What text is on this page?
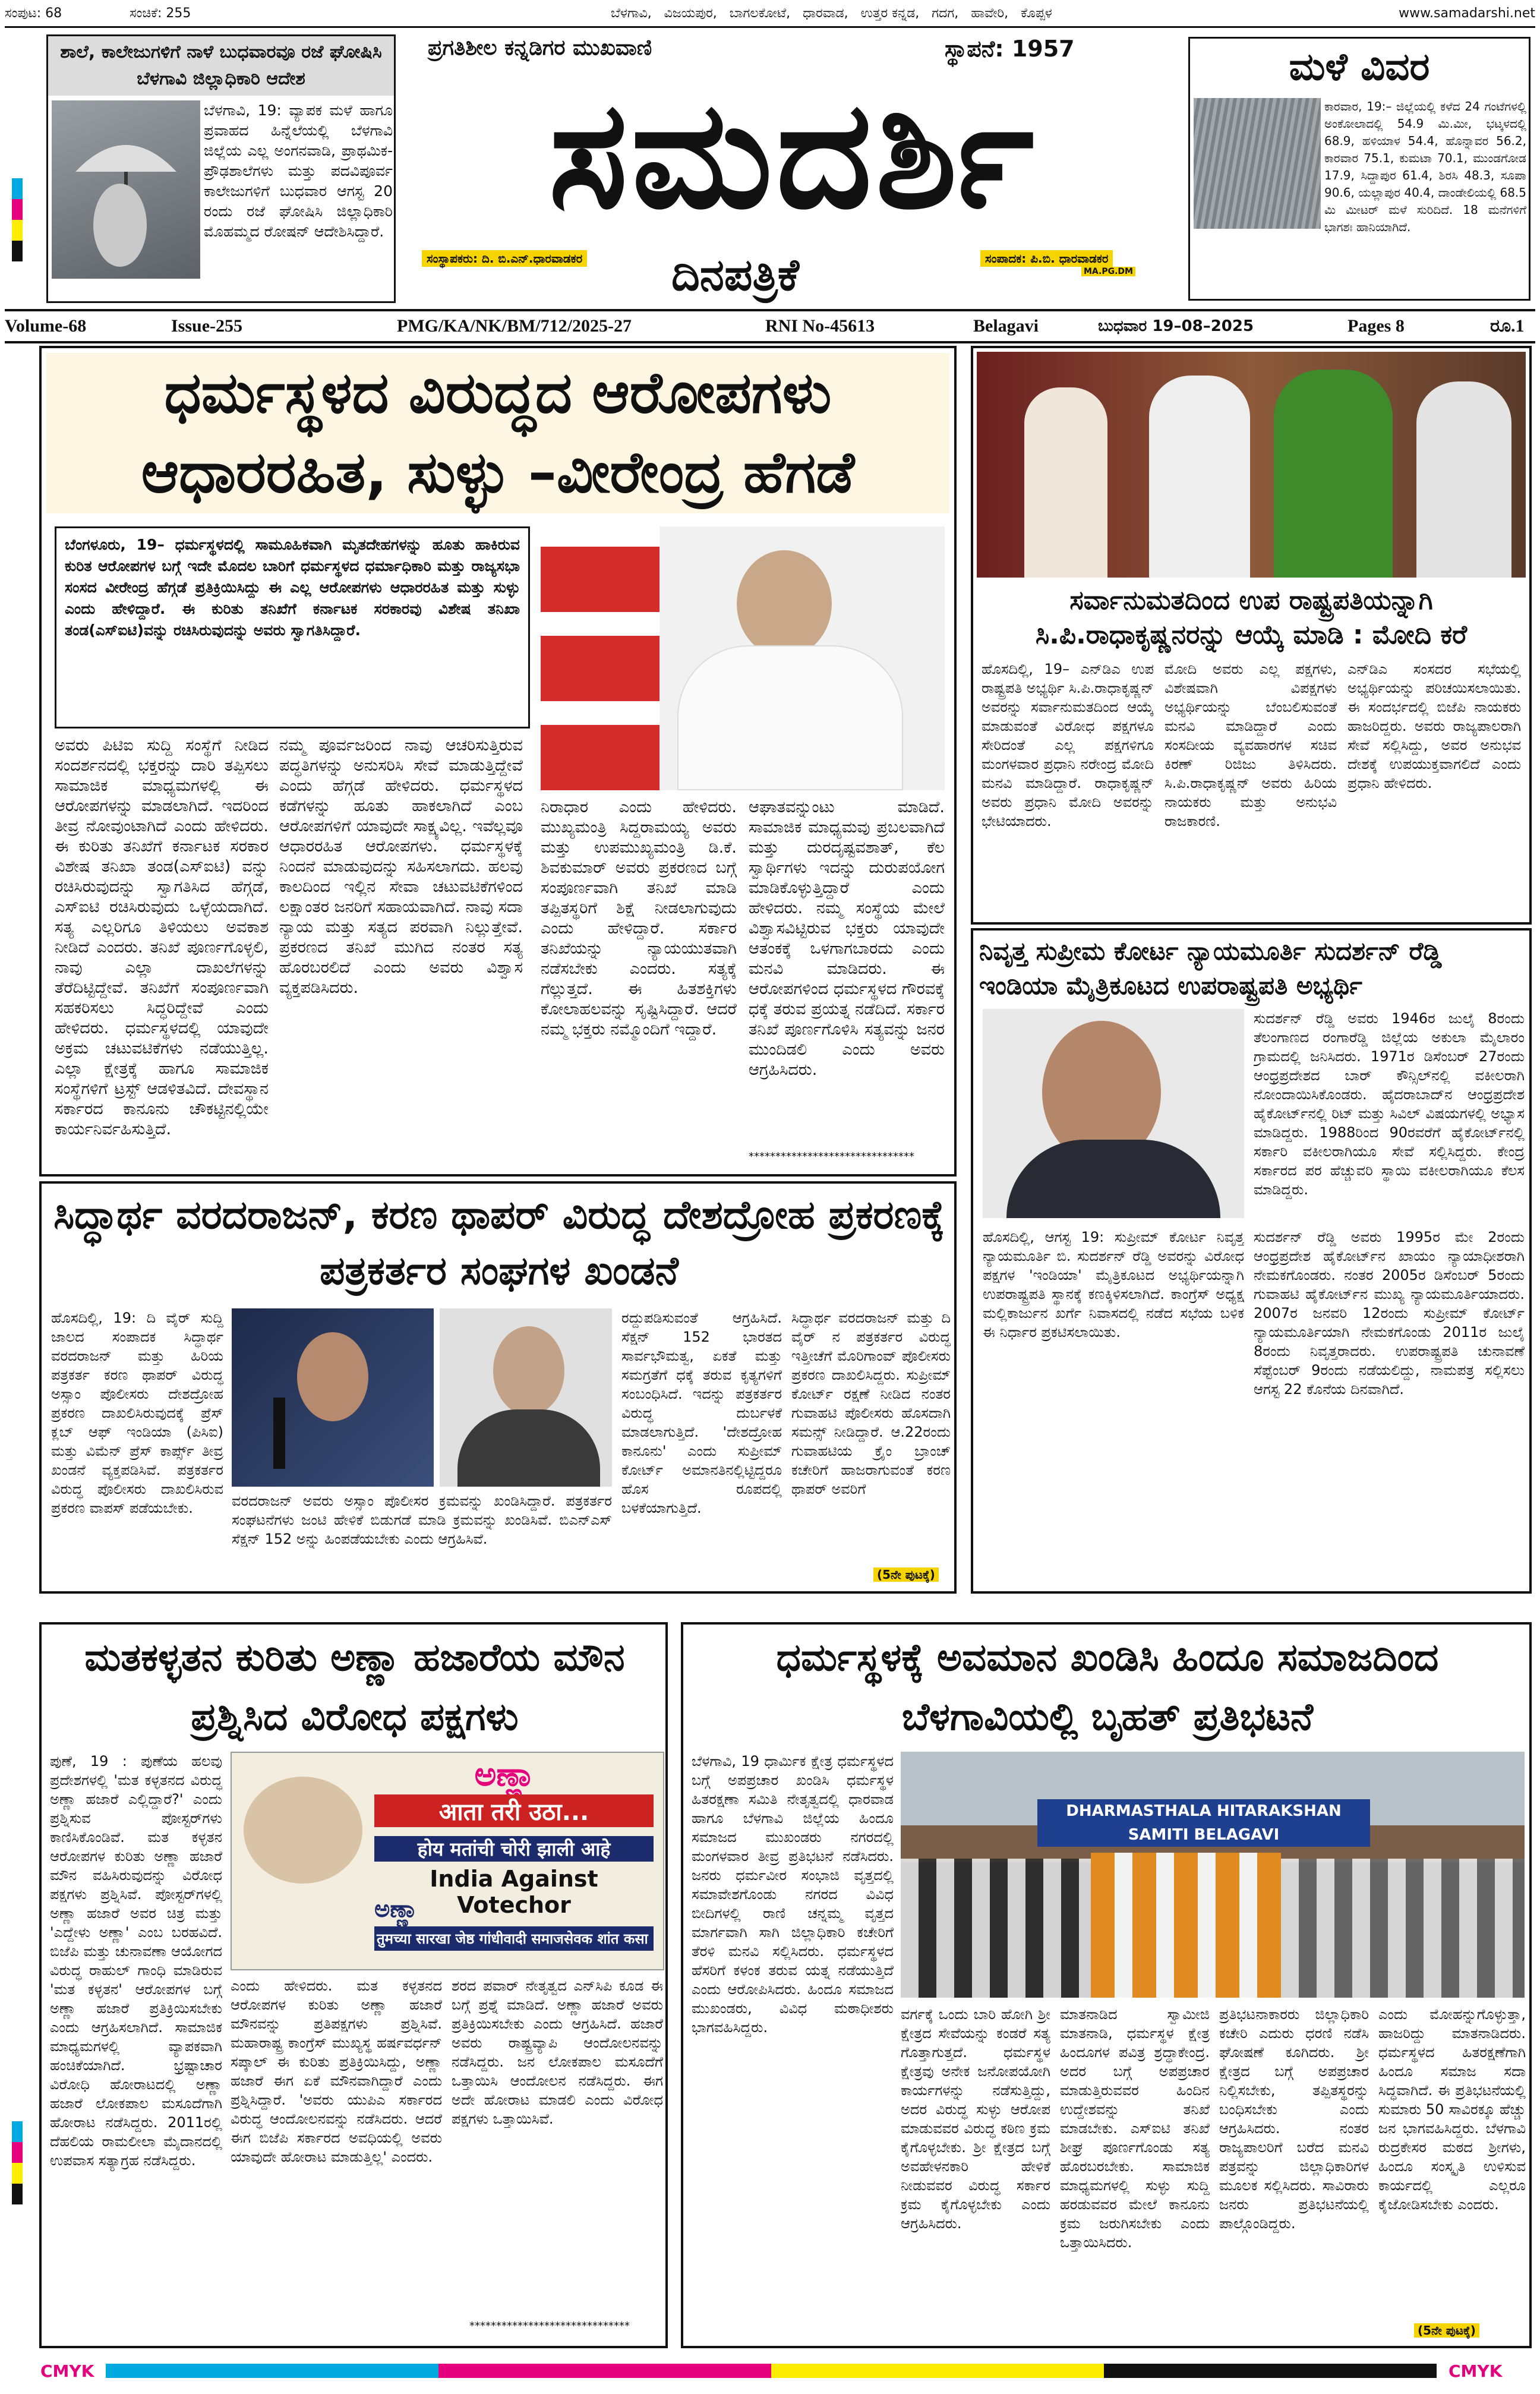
ಸಂಪುಟ: 68	ಸಂಚಿಕೆ: 255	ಬೆಳಗಾವಿ,   ವಿಜಯಪುರ,   ಬಾಗಲಕೋಟೆ,   ಧಾರವಾಡ,   ಉತ್ತರ ಕನ್ನಡ,   ಗದಗ,   ಹಾವೇರಿ,   ಕೊಪ್ಪಳ	www.samadarshi.net
ಶಾಲೆ, ಕಾಲೇಜುಗಳಿಗೆ ನಾಳೆ ಬುಧವಾರವೂ ರಜೆ ಘೋಷಿಸಿ ಬೆಳಗಾವಿ ಜಿಲ್ಲಾಧಿಕಾರಿ ಆದೇಶ
ಬೆಳಗಾವಿ, 19: ವ್ಯಾಪಕ ಮಳೆ ಹಾಗೂ ಪ್ರವಾಹದ ಹಿನ್ನೆಲೆಯಲ್ಲಿ ಬೆಳಗಾವಿ ಜಿಲ್ಲೆಯ ಎಲ್ಲ ಅಂಗನವಾಡಿ, ಪ್ರಾಥಮಿಕ-ಪ್ರೌಢಶಾಲೆಗಳು ಮತ್ತು ಪದವಿಪೂರ್ವ ಕಾಲೇಜುಗಳಿಗೆ ಬುಧವಾರ ಆಗಸ್ಟ 20 ರಂದು ರಜೆ ಘೋಷಿಸಿ ಜಿಲ್ಲಾಧಿಕಾರಿ ಮೊಹಮ್ಮದ ರೋಷನ್ ಆದೇಶಿಸಿದ್ದಾರೆ.
ಪ್ರಗತಿಶೀಲ ಕನ್ನಡಿಗರ ಮುಖವಾಣಿ	ಸ್ಥಾಪನೆ: 1957
ಸಮದರ್ಶಿ
ಸಂಸ್ಥಾಪಕರು: ದಿ. ಬಿ.ಎನ್.ಧಾರವಾಡಕರ ದಿನಪತ್ರಿಕೆ	ಸಂಪಾದಕ: ಪಿ.ಬಿ. ಧಾರವಾಡಕರ
MA.PG.DM
ಮಳೆ ವಿವರ
ಕಾರವಾರ, 19:– ಜಿಲ್ಲೆಯಲ್ಲಿ ಕಳೆದ 24 ಗಂಟೆಗಳಲ್ಲಿ ಅಂಕೋಲಾದಲ್ಲಿ 54.9 ಮಿ.ಮೀ, ಭಟ್ಕಳದಲ್ಲಿ 68.9, ಹಳಿಯಾಳ 54.4, ಹೊನ್ನಾವರ 56.2, ಕಾರವಾರ 75.1, ಕುಮಟಾ 70.1, ಮುಂಡಗೋಡ 17.9, ಸಿದ್ದಾಪುರ 61.4, ಶಿರಸಿ 48.3, ಸೂಪಾ 90.6, ಯಲ್ಲಾಪುರ 40.4, ದಾಂಡೇಲಿಯಲ್ಲಿ 68.5 ಮಿ ಮೀಟರ್ ಮಳೆ ಸುರಿದಿದೆ. 18 ಮನೆಗಳಿಗೆ ಭಾಗಶಃ ಹಾನಿಯಾಗಿದೆ.
Volume-68	Issue-255	PMG/KA/NK/BM/712/2025-27	RNI No-45613	Belagavi	ಬುಧವಾರ 19–08–2025	Pages 8	ರೂ.1
ಧರ್ಮಸ್ಥಳದ ವಿರುದ್ಧದ ಆರೋಪಗಳು ಆಧಾರರಹಿತ, ಸುಳ್ಳು –ವೀರೇಂದ್ರ ಹೆಗಡೆ
ಬೆಂಗಳೂರು, 19– ಧರ್ಮಸ್ಥಳದಲ್ಲಿ ಸಾಮೂಹಿಕವಾಗಿ ಮೃತದೇಹಗಳನ್ನು ಹೂತು ಹಾಕಿರುವ ಕುರಿತ ಆರೋಪಗಳ ಬಗ್ಗೆ ಇದೇ ಮೊದಲ ಬಾರಿಗೆ ಧರ್ಮಸ್ಥಳದ ಧರ್ಮಾಧಿಕಾರಿ ಮತ್ತು ರಾಜ್ಯಸಭಾ ಸಂಸದ ವೀರೇಂದ್ರ ಹೆಗ್ಗಡೆ ಪ್ರತಿಕ್ರಿಯಿಸಿದ್ದು ಈ ಎಲ್ಲ ಆರೋಪಗಳು ಆಧಾರರಹಿತ ಮತ್ತು ಸುಳ್ಳು ಎಂದು ಹೇಳಿದ್ದಾರೆ. ಈ ಕುರಿತು ತನಿಖೆಗೆ ಕರ್ನಾಟಕ ಸರಕಾರವು ವಿಶೇಷ ತನಿಖಾ ತಂಡ(ಎಸ್ಐಟಿ)ವನ್ನು ರಚಿಸಿರುವುದನ್ನು ಅವರು ಸ್ವಾಗತಿಸಿದ್ದಾರೆ.
ಅವರು ಪಿಟಿಐ ಸುದ್ದಿ ಸಂಸ್ಥೆಗೆ ನೀಡಿದ ಸಂದರ್ಶನದಲ್ಲಿ ಭಕ್ತರನ್ನು ದಾರಿ ತಪ್ಪಿಸಲು ಸಾಮಾಜಿಕ ಮಾಧ್ಯಮಗಳಲ್ಲಿ ಈ ಆರೋಪಗಳನ್ನು ಮಾಡಲಾಗಿದೆ. ಇದರಿಂದ ತೀವ್ರ ನೋವುಂಟಾಗಿದೆ ಎಂದು ಹೇಳಿದರು. ಈ ಕುರಿತು ತನಿಖೆಗೆ ಕರ್ನಾಟಕ ಸರಕಾರ ವಿಶೇಷ ತನಿಖಾ ತಂಡ(ಎಸ್ಐಟಿ) ವನ್ನು ರಚಿಸಿರುವುದನ್ನು ಸ್ವಾಗತಿಸಿದ ಹೆಗ್ಗಡೆ, ಎಸ್ಐಟಿ ರಚಿಸಿರುವುದು ಒಳ್ಳೆಯದಾಗಿದೆ. ಸತ್ಯ ಎಲ್ಲರಿಗೂ ತಿಳಿಯಲು ಅವಕಾಶ ನೀಡಿದೆ ಎಂದರು. ತನಿಖೆ ಪೂರ್ಣಗೊಳ್ಳಲಿ, ನಾವು ಎಲ್ಲಾ ದಾಖಲೆಗಳನ್ನು ತೆರೆದಿಟ್ಟಿದ್ದೇವೆ. ತನಿಖೆಗೆ ಸಂಪೂರ್ಣವಾಗಿ ಸಹಕರಿಸಲು ಸಿದ್ಧರಿದ್ದೇವೆ ಎಂದು ಹೇಳಿದರು. ಧರ್ಮಸ್ಥಳದಲ್ಲಿ ಯಾವುದೇ ಅಕ್ರಮ ಚಟುವಟಿಕೆಗಳು ನಡೆಯುತ್ತಿಲ್ಲ. ಎಲ್ಲಾ ಕ್ಷೇತ್ರಕ್ಕೆ ಹಾಗೂ ಸಾಮಾಜಿಕ ಸಂಸ್ಥೆಗಳಿಗೆ ಟ್ರಸ್ಟ್ ಆಡಳಿತವಿದೆ. ದೇವಸ್ಥಾನ ಸರ್ಕಾರದ ಕಾನೂನು ಚೌಕಟ್ಟಿನಲ್ಲಿಯೇ ಕಾರ್ಯನಿರ್ವಹಿಸುತ್ತಿದೆ.
ನಮ್ಮ ಪೂರ್ವಜರಿಂದ ನಾವು ಆಚರಿಸುತ್ತಿರುವ ಪದ್ಧತಿಗಳನ್ನು ಅನುಸರಿಸಿ ಸೇವೆ ಮಾಡುತ್ತಿದ್ದೇವೆ ಎಂದು ಹೆಗ್ಗಡೆ ಹೇಳಿದರು. ಧರ್ಮಸ್ಥಳದ ಕಡೆಗಳನ್ನು ಹೂತು ಹಾಕಲಾಗಿದೆ ಎಂಬ ಆರೋಪಗಳಿಗೆ ಯಾವುದೇ ಸಾಕ್ಷ್ಯವಿಲ್ಲ. ಇವೆಲ್ಲವೂ ಆಧಾರರಹಿತ ಆರೋಪಗಳು. ಧರ್ಮಸ್ಥಳಕ್ಕೆ ನಿಂದನೆ ಮಾಡುವುದನ್ನು ಸಹಿಸಲಾಗದು. ಹಲವು ಕಾಲದಿಂದ ಇಲ್ಲಿನ ಸೇವಾ ಚಟುವಟಿಕೆಗಳಿಂದ ಲಕ್ಷಾಂತರ ಜನರಿಗೆ ಸಹಾಯವಾಗಿದೆ. ನಾವು ಸದಾ ನ್ಯಾಯ ಮತ್ತು ಸತ್ಯದ ಪರವಾಗಿ ನಿಲ್ಲುತ್ತೇವೆ. ಪ್ರಕರಣದ ತನಿಖೆ ಮುಗಿದ ನಂತರ ಸತ್ಯ ಹೊರಬರಲಿದೆ ಎಂದು ಅವರು ವಿಶ್ವಾಸ ವ್ಯಕ್ತಪಡಿಸಿದರು.
ನಿರಾಧಾರ ಎಂದು ಹೇಳಿದರು. ಮುಖ್ಯಮಂತ್ರಿ ಸಿದ್ದರಾಮಯ್ಯ ಅವರು ಮತ್ತು ಉಪಮುಖ್ಯಮಂತ್ರಿ ಡಿ.ಕೆ. ಶಿವಕುಮಾರ್ ಅವರು ಪ್ರಕರಣದ ಬಗ್ಗೆ ಸಂಪೂರ್ಣವಾಗಿ ತನಿಖೆ ಮಾಡಿ ತಪ್ಪಿತಸ್ಥರಿಗೆ ಶಿಕ್ಷೆ ನೀಡಲಾಗುವುದು ಎಂದು ಹೇಳಿದ್ದಾರೆ. ಸರ್ಕಾರ ತನಿಖೆಯನ್ನು ನ್ಯಾಯಯುತವಾಗಿ ನಡೆಸಬೇಕು ಎಂದರು. ಸತ್ಯಕ್ಕೆ ಗೆಲ್ಲುತ್ತದೆ. ಈ ಹಿತಶಕ್ತಿಗಳು ಕೋಲಾಹಲವನ್ನು ಸೃಷ್ಟಿಸಿದ್ದಾರೆ. ಆದರೆ ನಮ್ಮ ಭಕ್ತರು ನಮ್ಮೊಂದಿಗೆ ಇದ್ದಾರೆ.
ಆಘಾತವನ್ನುಂಟು ಮಾಡಿದೆ. ಸಾಮಾಜಿಕ ಮಾಧ್ಯಮವು ಪ್ರಬಲವಾಗಿದೆ ಮತ್ತು ದುರದೃಷ್ಟವಶಾತ್, ಕೆಲ ಸ್ವಾರ್ಥಿಗಳು ಇದನ್ನು ದುರುಪಯೋಗ ಮಾಡಿಕೊಳ್ಳುತ್ತಿದ್ದಾರೆ ಎಂದು ಹೇಳಿದರು. ನಮ್ಮ ಸಂಸ್ಥೆಯ ಮೇಲೆ ವಿಶ್ವಾಸವಿಟ್ಟಿರುವ ಭಕ್ತರು ಯಾವುದೇ ಆತಂಕಕ್ಕೆ ಒಳಗಾಗಬಾರದು ಎಂದು ಮನವಿ ಮಾಡಿದರು. ಈ ಆರೋಪಗಳಿಂದ ಧರ್ಮಸ್ಥಳದ ಗೌರವಕ್ಕೆ ಧಕ್ಕೆ ತರುವ ಪ್ರಯತ್ನ ನಡೆದಿದೆ. ಸರ್ಕಾರ ತನಿಖೆ ಪೂರ್ಣಗೊಳಿಸಿ ಸತ್ಯವನ್ನು ಜನರ ಮುಂದಿಡಲಿ ಎಂದು ಅವರು ಆಗ್ರಹಿಸಿದರು.
*******************************
ಸರ್ವಾನುಮತದಿಂದ ಉಪ ರಾಷ್ಟ್ರಪತಿಯನ್ನಾಗಿ ಸಿ.ಪಿ.ರಾಧಾಕೃಷ್ಣನರನ್ನು ಆಯ್ಕೆ ಮಾಡಿ : ಮೋದಿ ಕರೆ
ಹೊಸದಿಲ್ಲಿ, 19– ಎನ್‌ಡಿಎ ಉಪ ರಾಷ್ಟ್ರಪತಿ ಅಭ್ಯರ್ಥಿ ಸಿ.ಪಿ.ರಾಧಾಕೃಷ್ಣನ್ ಅವರನ್ನು ಸರ್ವಾನುಮತದಿಂದ ಆಯ್ಕೆ ಮಾಡುವಂತೆ ವಿರೋಧ ಪಕ್ಷಗಳೂ ಸೇರಿದಂತೆ ಎಲ್ಲ ಪಕ್ಷಗಳಿಗೂ ಮಂಗಳವಾರ ಪ್ರಧಾನಿ ನರೇಂದ್ರ ಮೋದಿ ಮನವಿ ಮಾಡಿದ್ದಾರೆ. ರಾಧಾಕೃಷ್ಣನ್ ಅವರು ಪ್ರಧಾನಿ ಮೋದಿ ಅವರನ್ನು ಭೇಟಿಯಾದರು.
ಮೋದಿ ಅವರು ಎಲ್ಲ ಪಕ್ಷಗಳು, ವಿಶೇಷವಾಗಿ ವಿಪಕ್ಷಗಳು ಅಭ್ಯರ್ಥಿಯನ್ನು ಬೆಂಬಲಿಸುವಂತೆ ಮನವಿ ಮಾಡಿದ್ದಾರೆ ಎಂದು ಸಂಸದೀಯ ವ್ಯವಹಾರಗಳ ಸಚಿವ ಕಿರಣ್ ರಿಜಿಜು ತಿಳಿಸಿದರು. ಸಿ.ಪಿ.ರಾಧಾಕೃಷ್ಣನ್ ಅವರು ಹಿರಿಯ ನಾಯಕರು ಮತ್ತು ಅನುಭವಿ ರಾಜಕಾರಣಿ.
ಎನ್‌ಡಿಎ ಸಂಸದರ ಸಭೆಯಲ್ಲಿ ಅಭ್ಯರ್ಥಿಯನ್ನು ಪರಿಚಯಿಸಲಾಯಿತು. ಈ ಸಂದರ್ಭದಲ್ಲಿ ಬಿಜೆಪಿ ನಾಯಕರು ಹಾಜರಿದ್ದರು. ಅವರು ರಾಜ್ಯಪಾಲರಾಗಿ ಸೇವೆ ಸಲ್ಲಿಸಿದ್ದು, ಅವರ ಅನುಭವ ದೇಶಕ್ಕೆ ಉಪಯುಕ್ತವಾಗಲಿದೆ ಎಂದು ಪ್ರಧಾನಿ ಹೇಳಿದರು.
ನಿವೃತ್ತ ಸುಪ್ರೀಮ ಕೋರ್ಟ ನ್ಯಾಯಮೂರ್ತಿ ಸುದರ್ಶನ್ ರೆಡ್ಡಿ ಇಂಡಿಯಾ ಮೈತ್ರಿಕೂಟದ ಉಪರಾಷ್ಟ್ರಪತಿ ಅಭ್ಯರ್ಥಿ
ಸುದರ್ಶನ್ ರೆಡ್ಡಿ ಅವರು 1946ರ ಜುಲೈ 8ರಂದು ತೆಲಂಗಾಣದ ರಂಗಾರೆಡ್ಡಿ ಜಿಲ್ಲೆಯ ಅಕುಲಾ ಮೈಲಾರಂ ಗ್ರಾಮದಲ್ಲಿ ಜನಿಸಿದರು. 1971ರ ಡಿಸೆಂಬರ್ 27ರಂದು ಆಂಧ್ರಪ್ರದೇಶದ ಬಾರ್ ಕೌನ್ಸಿಲ್‌ನಲ್ಲಿ ವಕೀಲರಾಗಿ ನೋಂದಾಯಿಸಿಕೊಂಡರು. ಹೈದರಾಬಾದ್‌ನ ಆಂಧ್ರಪ್ರದೇಶ ಹೈಕೋರ್ಟ್‌ನಲ್ಲಿ ರಿಟ್ ಮತ್ತು ಸಿವಿಲ್ ವಿಷಯಗಳಲ್ಲಿ ಅಭ್ಯಾಸ ಮಾಡಿದ್ದರು. 1988ರಿಂದ 90ರವರೆಗೆ ಹೈಕೋರ್ಟ್‌ನಲ್ಲಿ ಸರ್ಕಾರಿ ವಕೀಲರಾಗಿಯೂ ಸೇವೆ ಸಲ್ಲಿಸಿದ್ದರು. ಕೇಂದ್ರ ಸರ್ಕಾರದ ಪರ ಹೆಚ್ಚುವರಿ ಸ್ಥಾಯಿ ವಕೀಲರಾಗಿಯೂ ಕೆಲಸ ಮಾಡಿದ್ದರು.
ಹೊಸದಿಲ್ಲಿ, ಆಗಸ್ಟ 19: ಸುಪ್ರೀಮ್ ಕೋರ್ಟ ನಿವೃತ್ತ ನ್ಯಾಯಮೂರ್ತಿ ಬಿ. ಸುದರ್ಶನ್ ರೆಡ್ಡಿ ಅವರನ್ನು ವಿರೋಧ ಪಕ್ಷಗಳ 'ಇಂಡಿಯಾ' ಮೈತ್ರಿಕೂಟದ ಅಭ್ಯರ್ಥಿಯನ್ನಾಗಿ ಉಪರಾಷ್ಟ್ರಪತಿ ಸ್ಥಾನಕ್ಕೆ ಕಣಕ್ಕಿಳಿಸಲಾಗಿದೆ. ಕಾಂಗ್ರೆಸ್ ಅಧ್ಯಕ್ಷ ಮಲ್ಲಿಕಾರ್ಜುನ ಖರ್ಗೆ ನಿವಾಸದಲ್ಲಿ ನಡೆದ ಸಭೆಯ ಬಳಿಕ ಈ ನಿರ್ಧಾರ ಪ್ರಕಟಿಸಲಾಯಿತು.
ಸುದರ್ಶನ್ ರೆಡ್ಡಿ ಅವರು 1995ರ ಮೇ 2ರಂದು ಆಂಧ್ರಪ್ರದೇಶ ಹೈಕೋರ್ಟ್‌ನ ಖಾಯಂ ನ್ಯಾಯಾಧೀಶರಾಗಿ ನೇಮಕಗೊಂಡರು. ನಂತರ 2005ರ ಡಿಸೆಂಬರ್ 5ರಂದು ಗುವಾಹಟಿ ಹೈಕೋರ್ಟ್‌ನ ಮುಖ್ಯ ನ್ಯಾಯಮೂರ್ತಿಯಾದರು. 2007ರ ಜನವರಿ 12ರಂದು ಸುಪ್ರೀಮ್ ಕೋರ್ಟ್ ನ್ಯಾಯಮೂರ್ತಿಯಾಗಿ ನೇಮಕಗೊಂಡು 2011ರ ಜುಲೈ 8ರಂದು ನಿವೃತ್ತರಾದರು. ಉಪರಾಷ್ಟ್ರಪತಿ ಚುನಾವಣೆ ಸೆಪ್ಟೆಂಬರ್ 9ರಂದು ನಡೆಯಲಿದ್ದು, ನಾಮಪತ್ರ ಸಲ್ಲಿಸಲು ಆಗಸ್ಟ 22 ಕೊನೆಯ ದಿನವಾಗಿದೆ.
ಸಿದ್ಧಾರ್ಥ ವರದರಾಜನ್, ಕರಣ ಥಾಪರ್ ವಿರುದ್ಧ ದೇಶದ್ರೋಹ ಪ್ರಕರಣಕ್ಕೆ ಪತ್ರಕರ್ತರ ಸಂಘಗಳ ಖಂಡನೆ
ಹೊಸದಿಲ್ಲಿ, 19: ದಿ ವೈರ್ ಸುದ್ದಿ ಜಾಲದ ಸಂಪಾದಕ ಸಿದ್ಧಾರ್ಥ ವರದರಾಜನ್ ಮತ್ತು ಹಿರಿಯ ಪತ್ರಕರ್ತ ಕರಣ ಥಾಪರ್ ವಿರುದ್ಧ ಅಸ್ಸಾಂ ಪೊಲೀಸರು ದೇಶದ್ರೋಹ ಪ್ರಕರಣ ದಾಖಲಿಸಿರುವುದಕ್ಕೆ ಪ್ರೆಸ್ ಕ್ಲಬ್ ಆಫ್ ಇಂಡಿಯಾ (ಪಿಸಿಐ) ಮತ್ತು ವಿಮೆನ್ ಪ್ರೆಸ್ ಕಾರ್ಪ್ಸ್ ತೀವ್ರ ಖಂಡನೆ ವ್ಯಕ್ತಪಡಿಸಿವೆ. ಪತ್ರಕರ್ತರ ವಿರುದ್ಧ ಪೊಲೀಸರು ದಾಖಲಿಸಿರುವ ಪ್ರಕರಣ ವಾಪಸ್ ಪಡೆಯಬೇಕು.	ವರದರಾಜನ್ ಅವರು ಅಸ್ಸಾಂ ಪೊಲೀಸರ ಕ್ರಮವನ್ನು ಖಂಡಿಸಿದ್ದಾರೆ. ಪತ್ರಕರ್ತರ ಸಂಘಟನೆಗಳು ಜಂಟಿ ಹೇಳಿಕೆ ಬಿಡುಗಡೆ ಮಾಡಿ ಕ್ರಮವನ್ನು ಖಂಡಿಸಿವೆ. ಬಿಎನ್‌ಎಸ್ ಸೆಕ್ಷನ್ 152 ಅನ್ನು ಹಿಂಪಡೆಯಬೇಕು ಎಂದು ಆಗ್ರಹಿಸಿವೆ.
ರದ್ದುಪಡಿಸುವಂತೆ ಆಗ್ರಹಿಸಿದೆ. ಸೆಕ್ಷನ್ 152 ಭಾರತದ ಸಾರ್ವಭೌಮತ್ವ, ಏಕತೆ ಮತ್ತು ಸಮಗ್ರತೆಗೆ ಧಕ್ಕೆ ತರುವ ಕೃತ್ಯಗಳಿಗೆ ಸಂಬಂಧಿಸಿದೆ. ಇದನ್ನು ಪತ್ರಕರ್ತರ ವಿರುದ್ಧ ದುರ್ಬಳಕೆ ಮಾಡಲಾಗುತ್ತಿದೆ. 'ದೇಶದ್ರೋಹ ಕಾನೂನು' ಎಂದು ಸುಪ್ರೀಮ್ ಕೋರ್ಟ್ ಅಮಾನತಿನಲ್ಲಿಟ್ಟಿದ್ದರೂ ಹೊಸ ರೂಪದಲ್ಲಿ ಬಳಕೆಯಾಗುತ್ತಿದೆ.
ಸಿದ್ಧಾರ್ಥ ವರದರಾಜನ್ ಮತ್ತು ದಿ ವೈರ್ ನ ಪತ್ರಕರ್ತರ ವಿರುದ್ಧ ಇತ್ತೀಚೆಗೆ ಮೊರಿಗಾಂವ್ ಪೊಲೀಸರು ಪ್ರಕರಣ ದಾಖಲಿಸಿದ್ದರು. ಸುಪ್ರೀಮ್ ಕೋರ್ಟ್ ರಕ್ಷಣೆ ನೀಡಿದ ನಂತರ ಗುವಾಹಟಿ ಪೊಲೀಸರು ಹೊಸದಾಗಿ ಸಮನ್ಸ್ ನೀಡಿದ್ದಾರೆ. ಆ.22ರಂದು ಗುವಾಹಟಿಯ ಕ್ರೈಂ ಬ್ರಾಂಚ್ ಕಚೇರಿಗೆ ಹಾಜರಾಗುವಂತೆ ಕರಣ ಥಾಪರ್ ಅವರಿಗೆ
(5ನೇ ಪುಟಕ್ಕೆ)
ಮತಕಳ್ಳತನ ಕುರಿತು ಅಣ್ಣಾ ಹಜಾರೆಯ ಮೌನ ಪ್ರಶ್ನಿಸಿದ ವಿರೋಧ ಪಕ್ಷಗಳು
ಪುಣೆ, 19 : ಪುಣೆಯ ಹಲವು ಪ್ರದೇಶಗಳಲ್ಲಿ 'ಮತ ಕಳ್ಳತನದ ವಿರುದ್ಧ ಅಣ್ಣಾ ಹಜಾರೆ ಎಲ್ಲಿದ್ದಾರೆ?' ಎಂದು ಪ್ರಶ್ನಿಸುವ ಪೋಸ್ಟರ್‌ಗಳು ಕಾಣಿಸಿಕೊಂಡಿವೆ. ಮತ ಕಳ್ಳತನ ಆರೋಪಗಳ ಕುರಿತು ಅಣ್ಣಾ ಹಜಾರೆ ಮೌನ ವಹಿಸಿರುವುದನ್ನು ವಿರೋಧ ಪಕ್ಷಗಳು ಪ್ರಶ್ನಿಸಿವೆ. ಪೋಸ್ಟರ್‌ಗಳಲ್ಲಿ ಅಣ್ಣಾ ಹಜಾರೆ ಅವರ ಚಿತ್ರ ಮತ್ತು 'ಎದ್ದೇಳು ಅಣ್ಣಾ' ಎಂಬ ಬರಹವಿದೆ. ಬಿಜೆಪಿ ಮತ್ತು ಚುನಾವಣಾ ಆಯೋಗದ ವಿರುದ್ಧ ರಾಹುಲ್ ಗಾಂಧಿ ಮಾಡಿರುವ 'ಮತ ಕಳ್ಳತನ' ಆರೋಪಗಳ ಬಗ್ಗೆ ಅಣ್ಣಾ ಹಜಾರೆ ಪ್ರತಿಕ್ರಿಯಿಸಬೇಕು ಎಂದು ಆಗ್ರಹಿಸಲಾಗಿದೆ. ಸಾಮಾಜಿಕ ಮಾಧ್ಯಮಗಳಲ್ಲಿ ವ್ಯಾಪಕವಾಗಿ ಹಂಚಿಕೆಯಾಗಿದೆ. ಭ್ರಷ್ಟಾಚಾರ ವಿರೋಧಿ ಹೋರಾಟದಲ್ಲಿ ಅಣ್ಣಾ ಹಜಾರೆ ಲೋಕಪಾಲ ಮಸೂದೆಗಾಗಿ ಹೋರಾಟ ನಡೆಸಿದ್ದರು. 2011ರಲ್ಲಿ ದೆಹಲಿಯ ರಾಮಲೀಲಾ ಮೈದಾನದಲ್ಲಿ ಉಪವಾಸ ಸತ್ಯಾಗ್ರಹ ನಡೆಸಿದ್ದರು.
ಅಣ್ಣಾ
आता तरी उठा...
होय मतांची चोरी झाली आहे
India Against Votechor
ಅಣ್ಣಾ
तुमच्या सारखा जेष्ठ गांधीवादी समाजसेवक शांत कसा
ಎಂದು ಹೇಳಿದರು. ಮತ ಕಳ್ಳತನದ ಆರೋಪಗಳ ಕುರಿತು ಅಣ್ಣಾ ಹಜಾರೆ ಮೌನವನ್ನು ಪ್ರತಿಪಕ್ಷಗಳು ಪ್ರಶ್ನಿಸಿವೆ. ಮಹಾರಾಷ್ಟ್ರ ಕಾಂಗ್ರೆಸ್ ಮುಖ್ಯಸ್ಥ ಹರ್ಷವರ್ಧನ್ ಸಪ್ಕಾಲ್ ಈ ಕುರಿತು ಪ್ರತಿಕ್ರಿಯಿಸಿದ್ದು, ಅಣ್ಣಾ ಹಜಾರೆ ಈಗ ಏಕೆ ಮೌನವಾಗಿದ್ದಾರೆ ಎಂದು ಪ್ರಶ್ನಿಸಿದ್ದಾರೆ. 'ಅವರು ಯುಪಿಎ ಸರ್ಕಾರದ ವಿರುದ್ಧ ಆಂದೋಲನವನ್ನು ನಡೆಸಿದರು. ಆದರೆ ಈಗ ಬಿಜೆಪಿ ಸರ್ಕಾರದ ಅವಧಿಯಲ್ಲಿ ಅವರು ಯಾವುದೇ ಹೋರಾಟ ಮಾಡುತ್ತಿಲ್ಲ' ಎಂದರು.
ಶರದ ಪವಾರ್ ನೇತೃತ್ವದ ಎನ್‌ಸಿಪಿ ಕೂಡ ಈ ಬಗ್ಗೆ ಪ್ರಶ್ನೆ ಮಾಡಿದೆ. ಅಣ್ಣಾ ಹಜಾರೆ ಅವರು ಪ್ರತಿಕ್ರಿಯಿಸಬೇಕು ಎಂದು ಆಗ್ರಹಿಸಿದೆ. ಹಜಾರೆ ಅವರು ರಾಷ್ಟ್ರವ್ಯಾಪಿ ಆಂದೋಲನವನ್ನು ನಡೆಸಿದ್ದರು. ಜನ ಲೋಕಪಾಲ ಮಸೂದೆಗೆ ಒತ್ತಾಯಿಸಿ ಆಂದೋಲನ ನಡೆಸಿದ್ದರು. ಈಗ ಅದೇ ಹೋರಾಟ ಮಾಡಲಿ ಎಂದು ವಿರೋಧ ಪಕ್ಷಗಳು ಒತ್ತಾಯಿಸಿವೆ.
******************************
ಧರ್ಮಸ್ಥಳಕ್ಕೆ ಅವಮಾನ ಖಂಡಿಸಿ ಹಿಂದೂ ಸಮಾಜದಿಂದ ಬೆಳಗಾವಿಯಲ್ಲಿ ಬೃಹತ್ ಪ್ರತಿಭಟನೆ
ಬೆಳಗಾವಿ, 19 ಧಾರ್ಮಿಕ ಕ್ಷೇತ್ರ ಧರ್ಮಸ್ಥಳದ ಬಗ್ಗೆ ಅಪಪ್ರಚಾರ ಖಂಡಿಸಿ ಧರ್ಮಸ್ಥಳ ಹಿತರಕ್ಷಣಾ ಸಮಿತಿ ನೇತೃತ್ವದಲ್ಲಿ ಧಾರವಾಡ ಹಾಗೂ ಬೆಳಗಾವಿ ಜಿಲ್ಲೆಯ ಹಿಂದೂ ಸಮಾಜದ ಮುಖಂಡರು ನಗರದಲ್ಲಿ ಮಂಗಳವಾರ ತೀವ್ರ ಪ್ರತಿಭಟನೆ ನಡೆಸಿದರು. ಜನರು ಧರ್ಮವೀರ ಸಂಭಾಜಿ ವೃತ್ತದಲ್ಲಿ ಸಮಾವೇಶಗೊಂಡು ನಗರದ ವಿವಿಧ ಬೀದಿಗಳಲ್ಲಿ ರಾಣಿ ಚನ್ನಮ್ಮ ವೃತ್ತದ ಮಾರ್ಗವಾಗಿ ಸಾಗಿ ಜಿಲ್ಲಾಧಿಕಾರಿ ಕಚೇರಿಗೆ ತೆರಳಿ ಮನವಿ ಸಲ್ಲಿಸಿದರು. ಧರ್ಮಸ್ಥಳದ ಹೆಸರಿಗೆ ಕಳಂಕ ತರುವ ಯತ್ನ ನಡೆಯುತ್ತಿದೆ ಎಂದು ಆರೋಪಿಸಿದರು. ಹಿಂದೂ ಸಮಾಜದ ಮುಖಂಡರು, ವಿವಿಧ ಮಠಾಧೀಶರು ಭಾಗವಹಿಸಿದ್ದರು.
DHARMASTHALA HITARAKSHAN SAMITI BELAGAVI
ವರ್ಗಕ್ಕೆ ಒಂದು ಬಾರಿ ಹೋಗಿ ಶ್ರೀ ಕ್ಷೇತ್ರದ ಸೇವೆಯನ್ನು ಕಂಡರೆ ಸತ್ಯ ಗೊತ್ತಾಗುತ್ತದೆ. ಧರ್ಮಸ್ಥಳ ಕ್ಷೇತ್ರವು ಅನೇಕ ಜನೋಪಯೋಗಿ ಕಾರ್ಯಗಳನ್ನು ನಡೆಸುತ್ತಿದ್ದು, ಅದರ ವಿರುದ್ಧ ಸುಳ್ಳು ಆರೋಪ ಮಾಡುವವರ ವಿರುದ್ಧ ಕಠಿಣ ಕ್ರಮ ಕೈಗೊಳ್ಳಬೇಕು. ಶ್ರೀ ಕ್ಷೇತ್ರದ ಬಗ್ಗೆ ಅವಹೇಳನಕಾರಿ ಹೇಳಿಕೆ ನೀಡುವವರ ವಿರುದ್ಧ ಸರ್ಕಾರ ಕ್ರಮ ಕೈಗೊಳ್ಳಬೇಕು ಎಂದು ಆಗ್ರಹಿಸಿದರು.
ಮಾತನಾಡಿದ ಸ್ವಾಮೀಜಿ ಮಾತನಾಡಿ, ಧರ್ಮಸ್ಥಳ ಕ್ಷೇತ್ರ ಹಿಂದೂಗಳ ಪವಿತ್ರ ಶ್ರದ್ಧಾಕೇಂದ್ರ. ಅದರ ಬಗ್ಗೆ ಅಪಪ್ರಚಾರ ಮಾಡುತ್ತಿರುವವರ ಹಿಂದಿನ ಉದ್ದೇಶವನ್ನು ತನಿಖೆ ಮಾಡಬೇಕು. ಎಸ್‌ಐಟಿ ತನಿಖೆ ಶೀಘ್ರ ಪೂರ್ಣಗೊಂಡು ಸತ್ಯ ಹೊರಬರಬೇಕು. ಸಾಮಾಜಿಕ ಮಾಧ್ಯಮಗಳಲ್ಲಿ ಸುಳ್ಳು ಸುದ್ದಿ ಹರಡುವವರ ಮೇಲೆ ಕಾನೂನು ಕ್ರಮ ಜರುಗಿಸಬೇಕು ಎಂದು ಒತ್ತಾಯಿಸಿದರು.
ಪ್ರತಿಭಟನಾಕಾರರು ಜಿಲ್ಲಾಧಿಕಾರಿ ಕಚೇರಿ ಎದುರು ಧರಣಿ ನಡೆಸಿ ಘೋಷಣೆ ಕೂಗಿದರು. ಶ್ರೀ ಕ್ಷೇತ್ರದ ಬಗ್ಗೆ ಅಪಪ್ರಚಾರ ನಿಲ್ಲಿಸಬೇಕು, ತಪ್ಪಿತಸ್ಥರನ್ನು ಬಂಧಿಸಬೇಕು ಎಂದು ಆಗ್ರಹಿಸಿದರು. ನಂತರ ರಾಜ್ಯಪಾಲರಿಗೆ ಬರೆದ ಮನವಿ ಪತ್ರವನ್ನು ಜಿಲ್ಲಾಧಿಕಾರಿಗಳ ಮೂಲಕ ಸಲ್ಲಿಸಿದರು. ಸಾವಿರಾರು ಜನರು ಪ್ರತಿಭಟನೆಯಲ್ಲಿ ಪಾಲ್ಗೊಂಡಿದ್ದರು.
ಎಂದು ಮೋಹನ್ನುಗೊಳ್ಳುತ್ತಾ, ಹಾಜರಿದ್ದು ಮಾತನಾಡಿದರು. ಧರ್ಮಸ್ಥಳದ ಹಿತರಕ್ಷಣೆಗಾಗಿ ಹಿಂದೂ ಸಮಾಜ ಸದಾ ಸಿದ್ಧವಾಗಿದೆ. ಈ ಪ್ರತಿಭಟನೆಯಲ್ಲಿ ಸುಮಾರು 50 ಸಾವಿರಕ್ಕೂ ಹೆಚ್ಚು ಜನ ಭಾಗವಹಿಸಿದ್ದರು. ಬೆಳಗಾವಿ ರುದ್ರಕೇಸರ ಮಠದ ಶ್ರೀಗಳು, ಹಿಂದೂ ಸಂಸ್ಕೃತಿ ಉಳಿಸುವ ಕಾರ್ಯದಲ್ಲಿ ಎಲ್ಲರೂ ಕೈಜೋಡಿಸಬೇಕು ಎಂದರು.
(5ನೇ ಪುಟಕ್ಕೆ)
CMYK	CMYK
